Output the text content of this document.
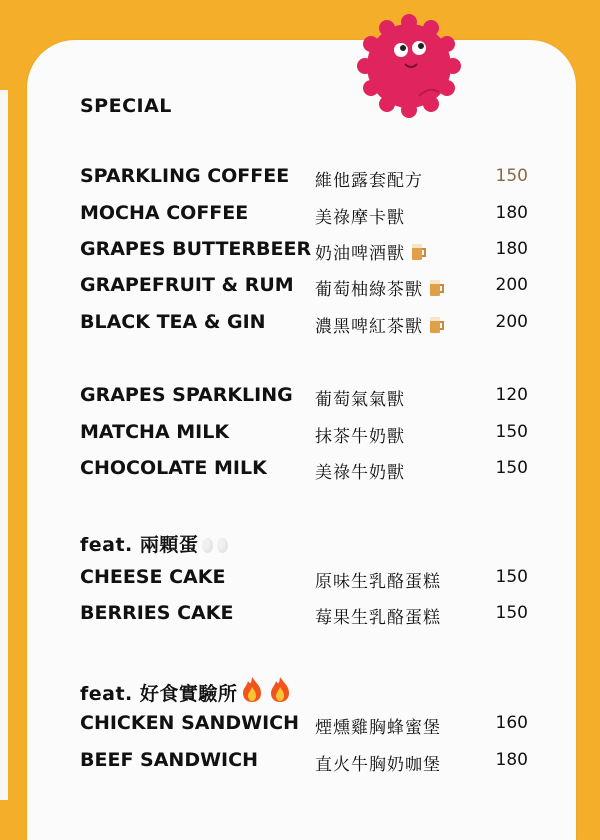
SPECIAL
SPARKLING COFFEE 維他露套配方	150
MOCHA COFFEE	美祿摩卡獸	180
GRAPES BUTTERBEER 奶油啤酒獸	180
GRAPEFRUIT & RUM 葡萄柚綠茶獸	200
BLACK TEA & GIN	濃黑啤紅茶獸	200
GRAPES SPARKLING 葡萄氣氣獸	120
MATCHA MILK	抹茶牛奶獸	150
CHOCOLATE MILK	美祿牛奶獸	150
feat. 兩顆蛋
CHEESE CAKE	原味生乳酪蛋糕	150
BERRIES CAKE	莓果生乳酪蛋糕	150
feat. 好食實驗所
CHICKEN SANDWICH 煙燻雞胸蜂蜜堡	160
BEEF SANDWICH	直火牛胸奶咖堡	180
